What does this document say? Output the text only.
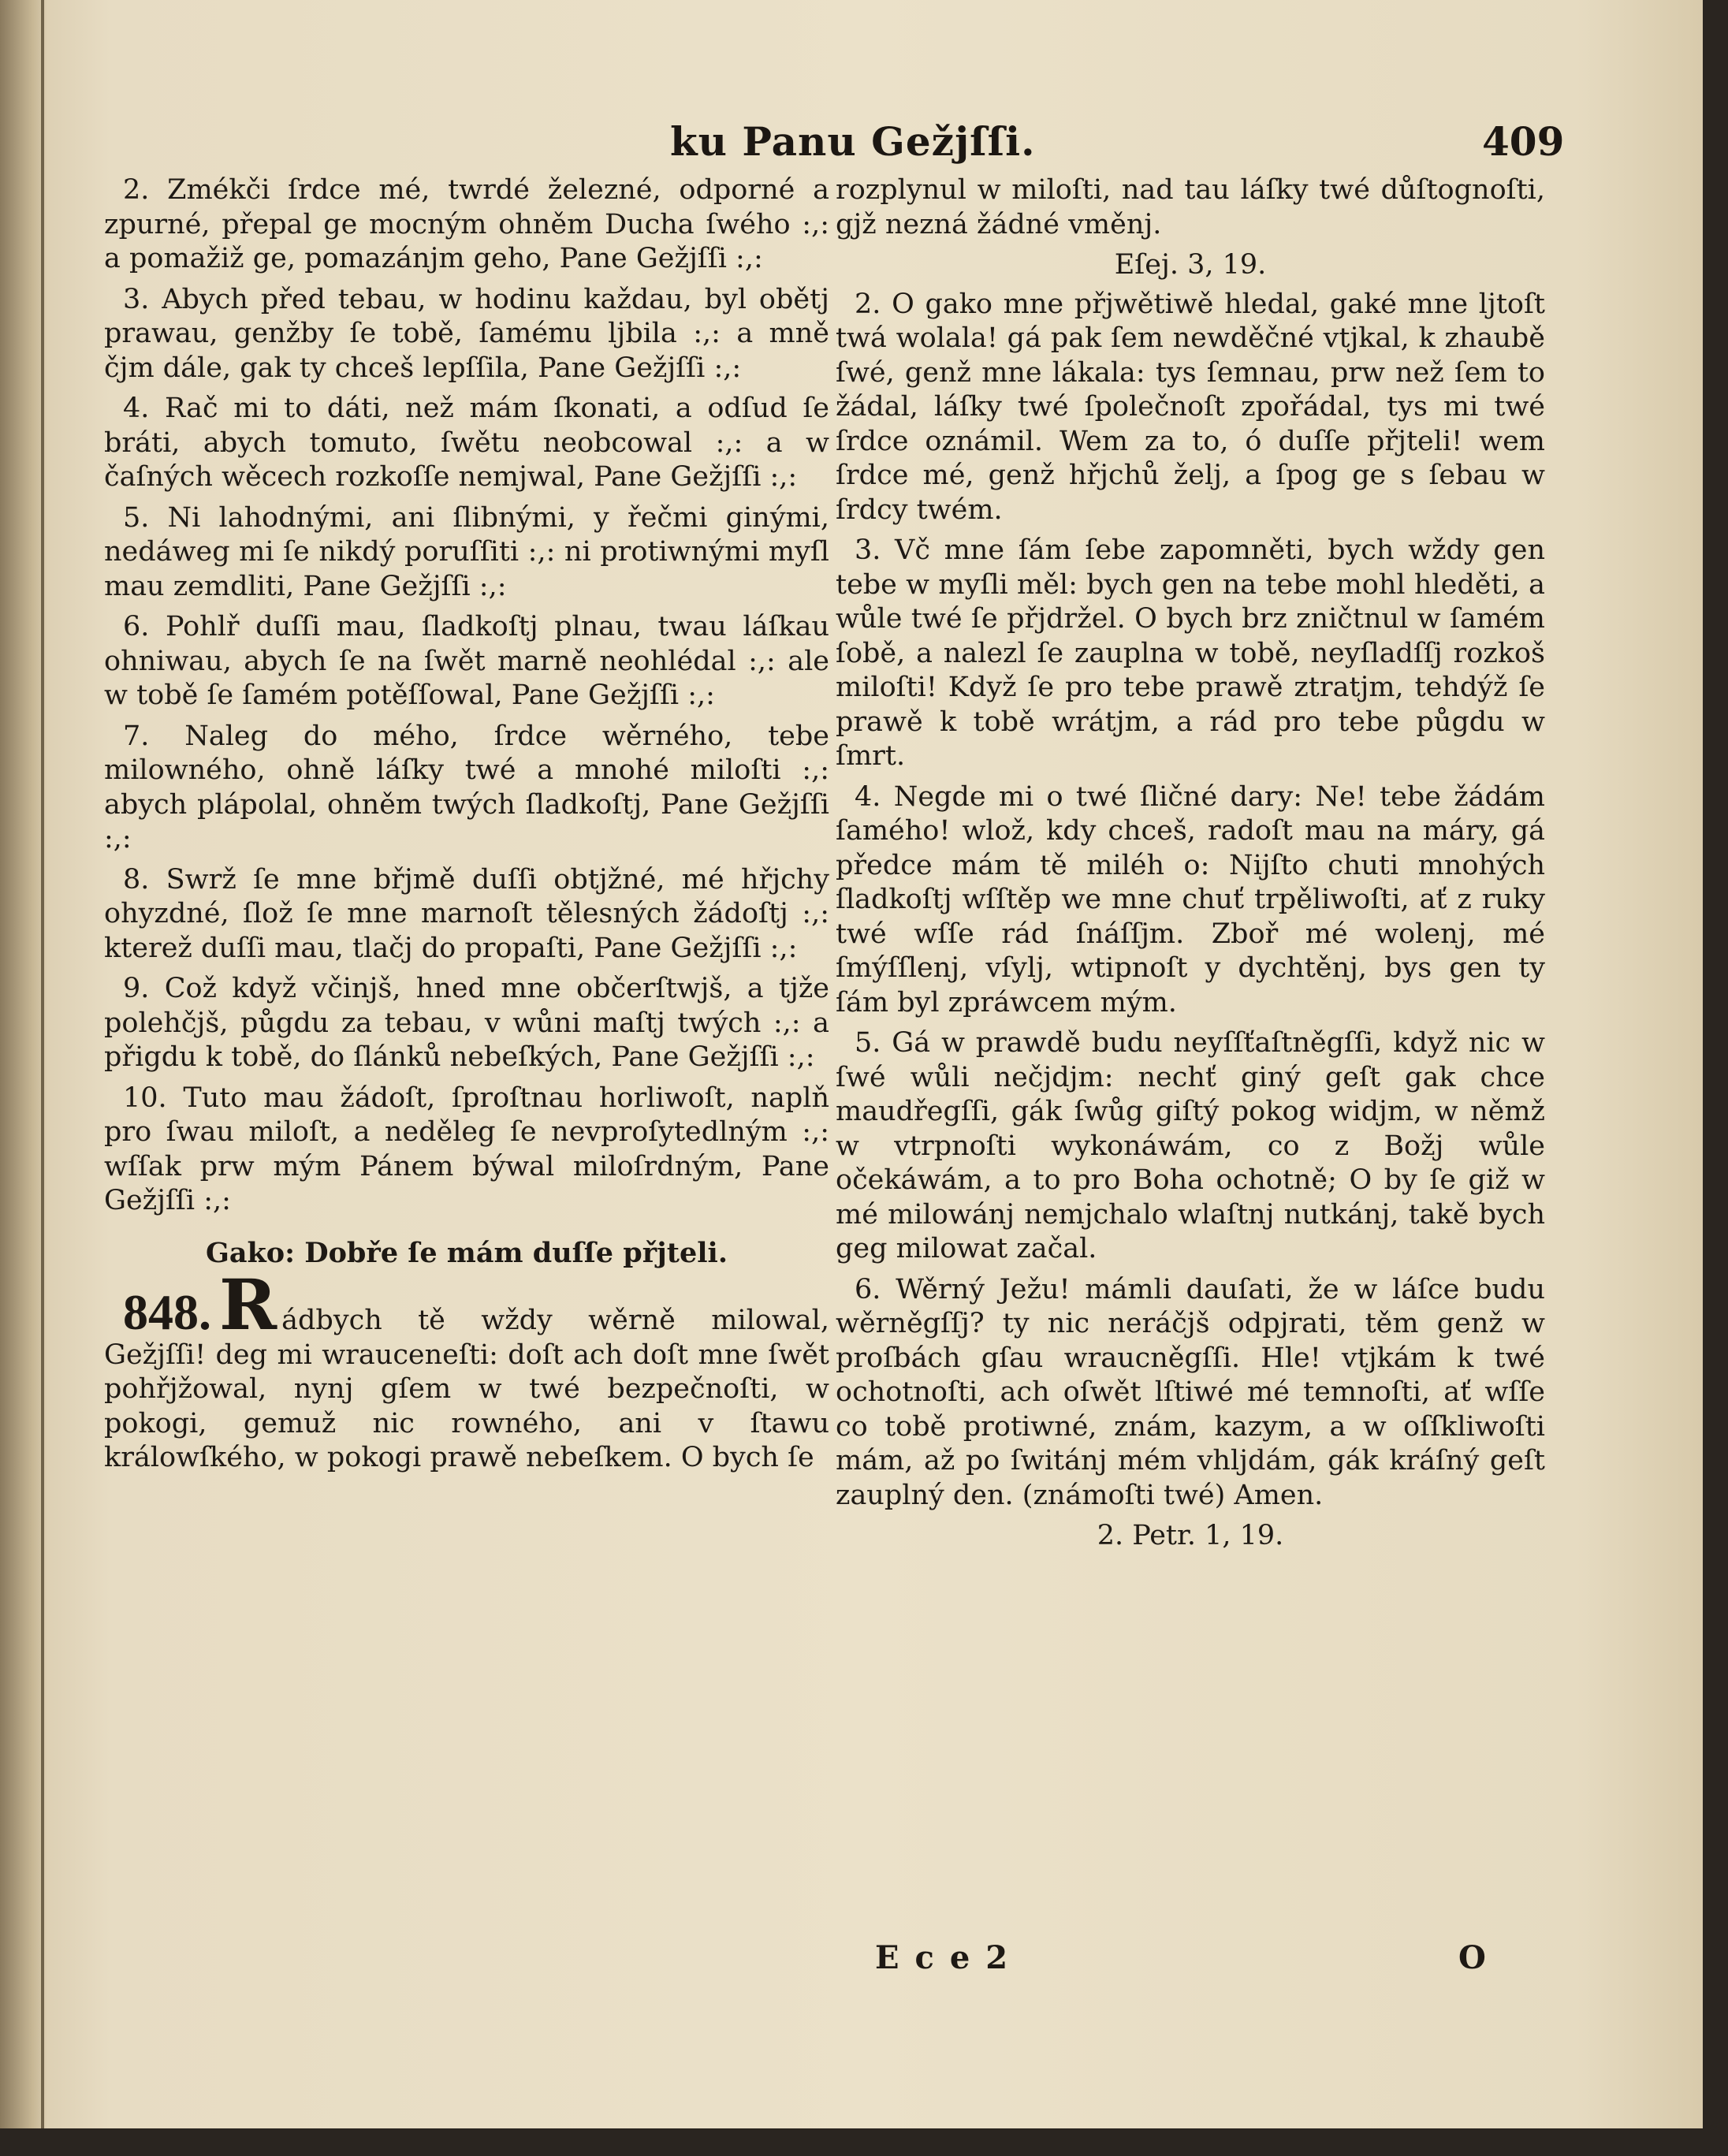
ku Panu Gežjſſi.	409

2. Zmékči ſrdce mé, twrdé železné, odporné a zpurné, přepal ge mocným ohněm Ducha ſwého :,: a pomažiž ge, pomazánjm geho, Pane Gežjſſi :,:

3. Abych před tebau, w hodinu každau, byl obětj prawau, genžby ſe tobě, ſamému ljbila :,: a mně čjm dále, gak ty chceš lepſſila, Pane Gežjſſi :,:

4. Rač mi to dáti, než mám ſkonati, a odſud ſe bráti, abych tomuto, ſwětu neobcowal :,: a w čaſných wěcech rozkoſſe nemjwal, Pane Gežjſſi :,:

5. Ni lahodnými, ani ſlibnými, y řečmi ginými, nedáweg mi ſe nikdý poruſſiti :,: ni protiwnými myſl mau zemdliti, Pane Gežjſſi :,:

6. Pohlř duſſi mau, ſladkoſtj plnau, twau láſkau ohniwau, abych ſe na ſwět marně neohlédal :,: ale w tobě ſe ſamém potěſſowal, Pane Gežjſſi :,:

7. Naleg do mého, ſrdce wěrného, tebe milowného, ohně láſky twé a mnohé miloſti :,: abych plápolal, ohněm twých ſladkoſtj, Pane Gežjſſi :,:

8. Swrž ſe mne břjmě duſſi obtjžné, mé hřjchy ohyzdné, ſlož ſe mne marnoſt tělesných žádoſtj :,: kterež duſſi mau, tlačj do propaſti, Pane Gežjſſi :,:

9. Což když včinjš, hned mne občerſtwjš, a tjže polehčjš, půgdu za tebau, v wůni maſtj twých :,: a přigdu k tobě, do ſlánků nebeſkých, Pane Gežjſſi :,:

10. Tuto mau žádoſt, ſproſtnau horliwoſt, naplň pro ſwau miloſt, a neděleg ſe nevproſytedlným :,: wſſak prw mým Pánem býwal miloſrdným, Pane Gežjſſi :,:

Gako: Dobře ſe mám duſſe přjteli.

848. R ádbych tě wždy wěrně milowal, Gežjſſi! deg mi wrauceneſti: doſt ach doſt mne ſwět pohřjžowal, nynj gſem w twé bezpečnoſti, w pokogi, gemuž nic rowného, ani v ſtawu králowſkého, w pokogi prawě nebeſkem. O bych ſe

rozplynul w miloſti, nad tau láſky twé důſtognoſti, gjž nezná žádné vměnj.

Eſej. 3, 19.

2. O gako mne přjwětiwě hledal, gaké mne ljtoſt twá wolala! gá pak ſem newděčné vtjkal, k zhaubě ſwé, genž mne lákala: tys ſemnau, prw než ſem to žádal, láſky twé ſpolečnoſt zpořádal, tys mi twé ſrdce oznámil. Wem za to, ó duſſe přjteli! wem ſrdce mé, genž hřjchů želj, a ſpog ge s ſebau w ſrdcy twém.

3. Vč mne ſám ſebe zapomněti, bych wždy gen tebe w myſli měl: bych gen na tebe mohl hleděti, a wůle twé ſe přjdržel. O bych brz zničtnul w ſamém ſobě, a nalezl ſe zauplna w tobě, neyſladſſj rozkoš miloſti! Když ſe pro tebe prawě ztratjm, tehdýž ſe prawě k tobě wrátjm, a rád pro tebe půgdu w ſmrt.

4. Negde mi o twé ſličné dary: Ne! tebe žádám ſamého! wlož, kdy chceš, radoſt mau na máry, gá předce mám tě miléh o: Nijſto chuti mnohých ſladkoſtj wſſtěp we mne chuť trpěliwoſti, ať z ruky twé wſſe rád ſnáſſjm. Zboř mé wolenj, mé ſmýſſlenj, vſylj, wtipnoſt y dychtěnj, bys gen ty ſám byl zpráwcem mým.

5. Gá w prawdě budu neyſſťaſtněgſſi, když nic w ſwé wůli nečjdjm: nechť giný geſt gak chce maudřegſſi, gák ſwůg giſtý pokog widjm, w němž w vtrpnoſti wykonáwám, co z Božj wůle očekáwám, a to pro Boha ochotně; O by ſe giž w mé milowánj nemjchalo wlaſtnj nutkánj, takě bych geg milowat začal.

6. Wěrný Ježu! mámli dauſati, že w láſce budu wěrněgſſj? ty nic neráčjš odpjrati, těm genž w proſbách gſau wraucněgſſi. Hle! vtjkám k twé ochotnoſti, ach oſwět lſtiwé mé temnoſti, ať wſſe co tobě protiwné, znám, kazym, a w oſſkliwoſti mám, až po ſwitánj mém vhljdám, gák kráſný geſt zauplný den. (známoſti twé) Amen.

2. Petr. 1, 19.
Ece2	O
